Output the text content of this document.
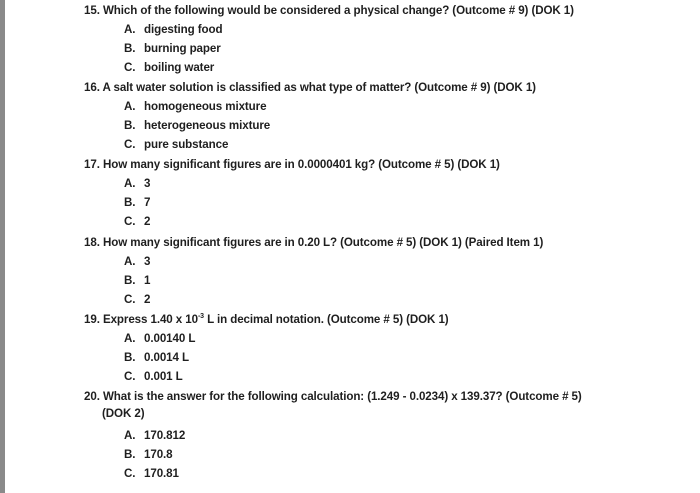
15. Which of the following would be considered a physical change? (Outcome # 9) (DOK 1)
A. digesting food
B. burning paper
C. boiling water
16. A salt water solution is classified as what type of matter? (Outcome # 9) (DOK 1)
A. homogeneous mixture
B. heterogeneous mixture
C. pure substance
17. How many significant figures are in 0.0000401 kg? (Outcome # 5) (DOK 1)
A. 3
B. 7
C. 2
18. How many significant figures are in 0.20 L? (Outcome # 5) (DOK 1) (Paired Item 1)
A. 3
B. 1
C. 2
19. Express 1.40 x $10^{-3}$ L in decimal notation. (Outcome # 5) (DOK 1)
A. 0.00140 L
B. 0.0014 L
C. 0.001 L
20. What is the answer for the following calculation: (1.249 - 0.0234) x 139.37? (Outcome # 5)
(DOK 2)
A. 170.812
B. 170.8
C. 170.81
